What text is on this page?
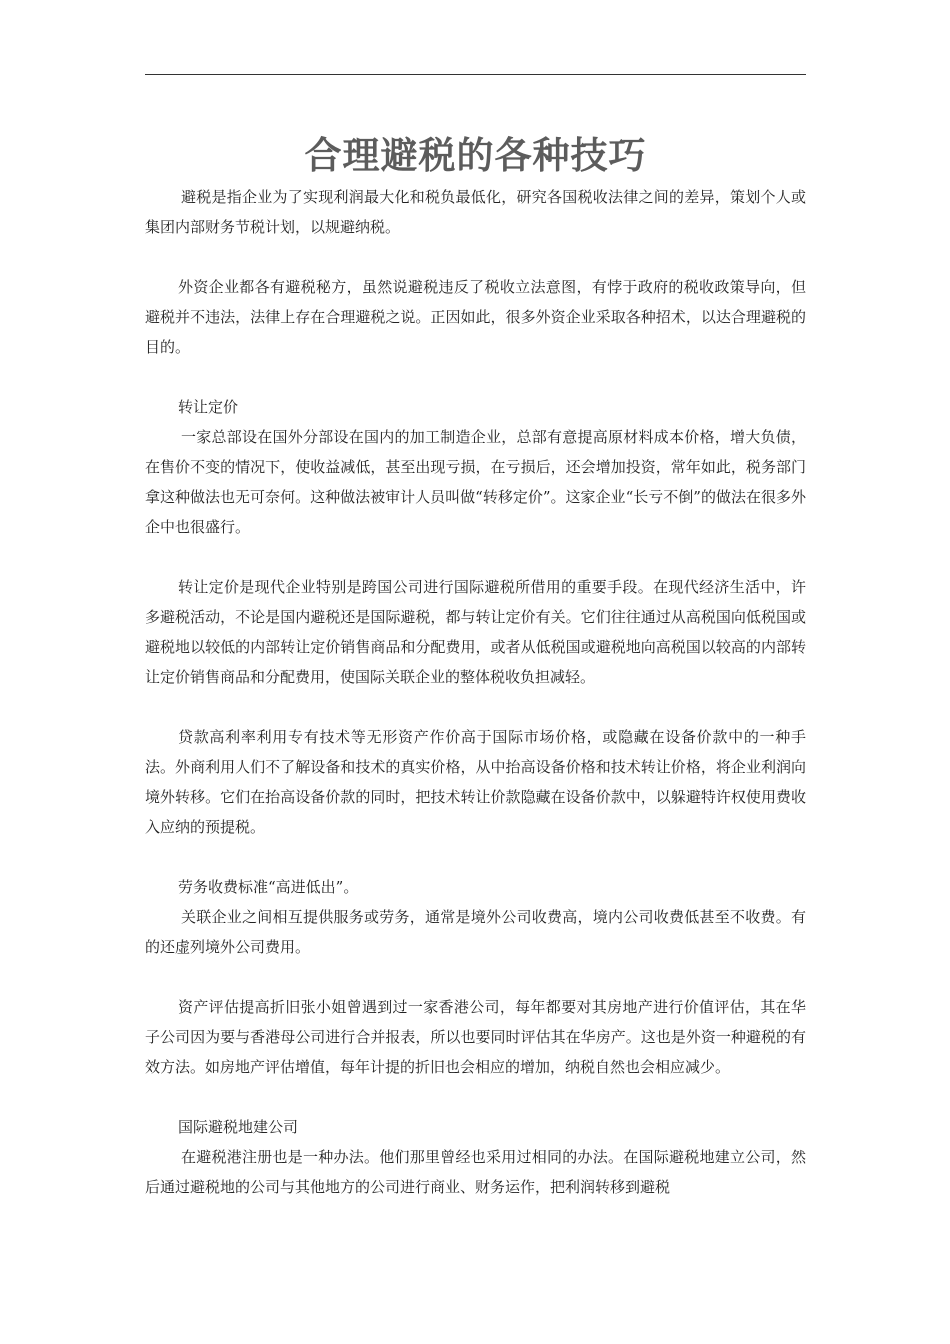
合理避税的各种技巧

避税是指企业为了实现利润最大化和税负最低化，研究各国税收法律之间的差异，策划个人或集团内部财务节税计划，以规避纳税。

外资企业都各有避税秘方，虽然说避税违反了税收立法意图，有悖于政府的税收政策导向，但避税并不违法，法律上存在合理避税之说。正因如此，很多外资企业采取各种招术，以达合理避税的目的。

转让定价

一家总部设在国外分部设在国内的加工制造企业，总部有意提高原材料成本价格，增大负债，在售价不变的情况下，使收益减低，甚至出现亏损，在亏损后，还会增加投资，常年如此，税务部门拿这种做法也无可奈何。这种做法被审计人员叫做“转移定价”。这家企业“长亏不倒”的做法在很多外企中也很盛行。

转让定价是现代企业特别是跨国公司进行国际避税所借用的重要手段。在现代经济生活中，许多避税活动，不论是国内避税还是国际避税，都与转让定价有关。它们往往通过从高税国向低税国或避税地以较低的内部转让定价销售商品和分配费用，或者从低税国或避税地向高税国以较高的内部转让定价销售商品和分配费用，使国际关联企业的整体税收负担减轻。

贷款高利率利用专有技术等无形资产作价高于国际市场价格，或隐藏在设备价款中的一种手法。外商利用人们不了解设备和技术的真实价格，从中抬高设备价格和技术转让价格，将企业利润向境外转移。它们在抬高设备价款的同时，把技术转让价款隐藏在设备价款中，以躲避特许权使用费收入应纳的预提税。

劳务收费标准“高进低出”。

关联企业之间相互提供服务或劳务，通常是境外公司收费高，境内公司收费低甚至不收费。有的还虚列境外公司费用。

资产评估提高折旧张小姐曾遇到过一家香港公司，每年都要对其房地产进行价值评估，其在华子公司因为要与香港母公司进行合并报表，所以也要同时评估其在华房产。这也是外资一种避税的有效方法。如房地产评估增值，每年计提的折旧也会相应的增加，纳税自然也会相应减少。

国际避税地建公司

在避税港注册也是一种办法。他们那里曾经也采用过相同的办法。在国际避税地建立公司，然后通过避税地的公司与其他地方的公司进行商业、财务运作，把利润转移到避税
